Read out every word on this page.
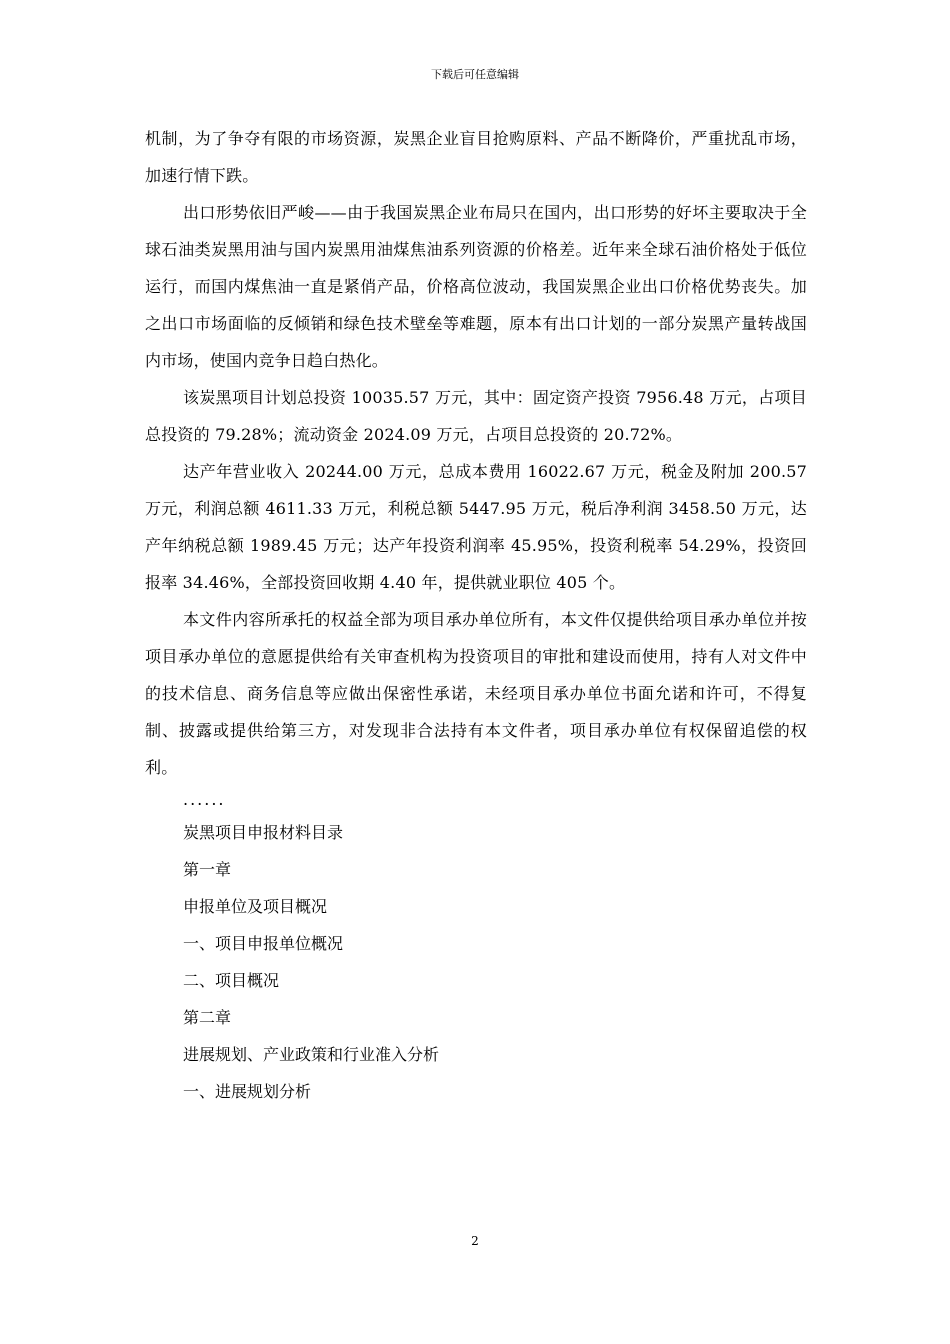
下载后可任意编辑

机制，为了争夺有限的市场资源，炭黑企业盲目抢购原料、产品不断降价，严重扰乱市场，加速行情下跌。

出口形势依旧严峻——由于我国炭黑企业布局只在国内，出口形势的好坏主要取决于全球石油类炭黑用油与国内炭黑用油煤焦油系列资源的价格差。近年来全球石油价格处于低位运行，而国内煤焦油一直是紧俏产品，价格高位波动，我国炭黑企业出口价格优势丧失。加之出口市场面临的反倾销和绿色技术壁垒等难题，原本有出口计划的一部分炭黑产量转战国内市场，使国内竞争日趋白热化。

该炭黑项目计划总投资 10035.57 万元，其中：固定资产投资 7956.48 万元，占项目总投资的 79.28%；流动资金 2024.09 万元，占项目总投资的 20.72%。

达产年营业收入 20244.00 万元，总成本费用 16022.67 万元，税金及附加 200.57 万元，利润总额 4611.33 万元，利税总额 5447.95 万元，税后净利润 3458.50 万元，达产年纳税总额 1989.45 万元；达产年投资利润率 45.95%，投资利税率 54.29%，投资回报率 34.46%，全部投资回收期 4.40 年，提供就业职位 405 个。

本文件内容所承托的权益全部为项目承办单位所有，本文件仅提供给项目承办单位并按项目承办单位的意愿提供给有关审查机构为投资项目的审批和建设而使用，持有人对文件中的技术信息、商务信息等应做出保密性承诺，未经项目承办单位书面允诺和许可，不得复制、披露或提供给第三方，对发现非合法持有本文件者，项目承办单位有权保留追偿的权利。

......

炭黑项目申报材料目录

第一章

申报单位及项目概况

一、项目申报单位概况

二、项目概况

第二章

进展规划、产业政策和行业准入分析

一、进展规划分析

2
